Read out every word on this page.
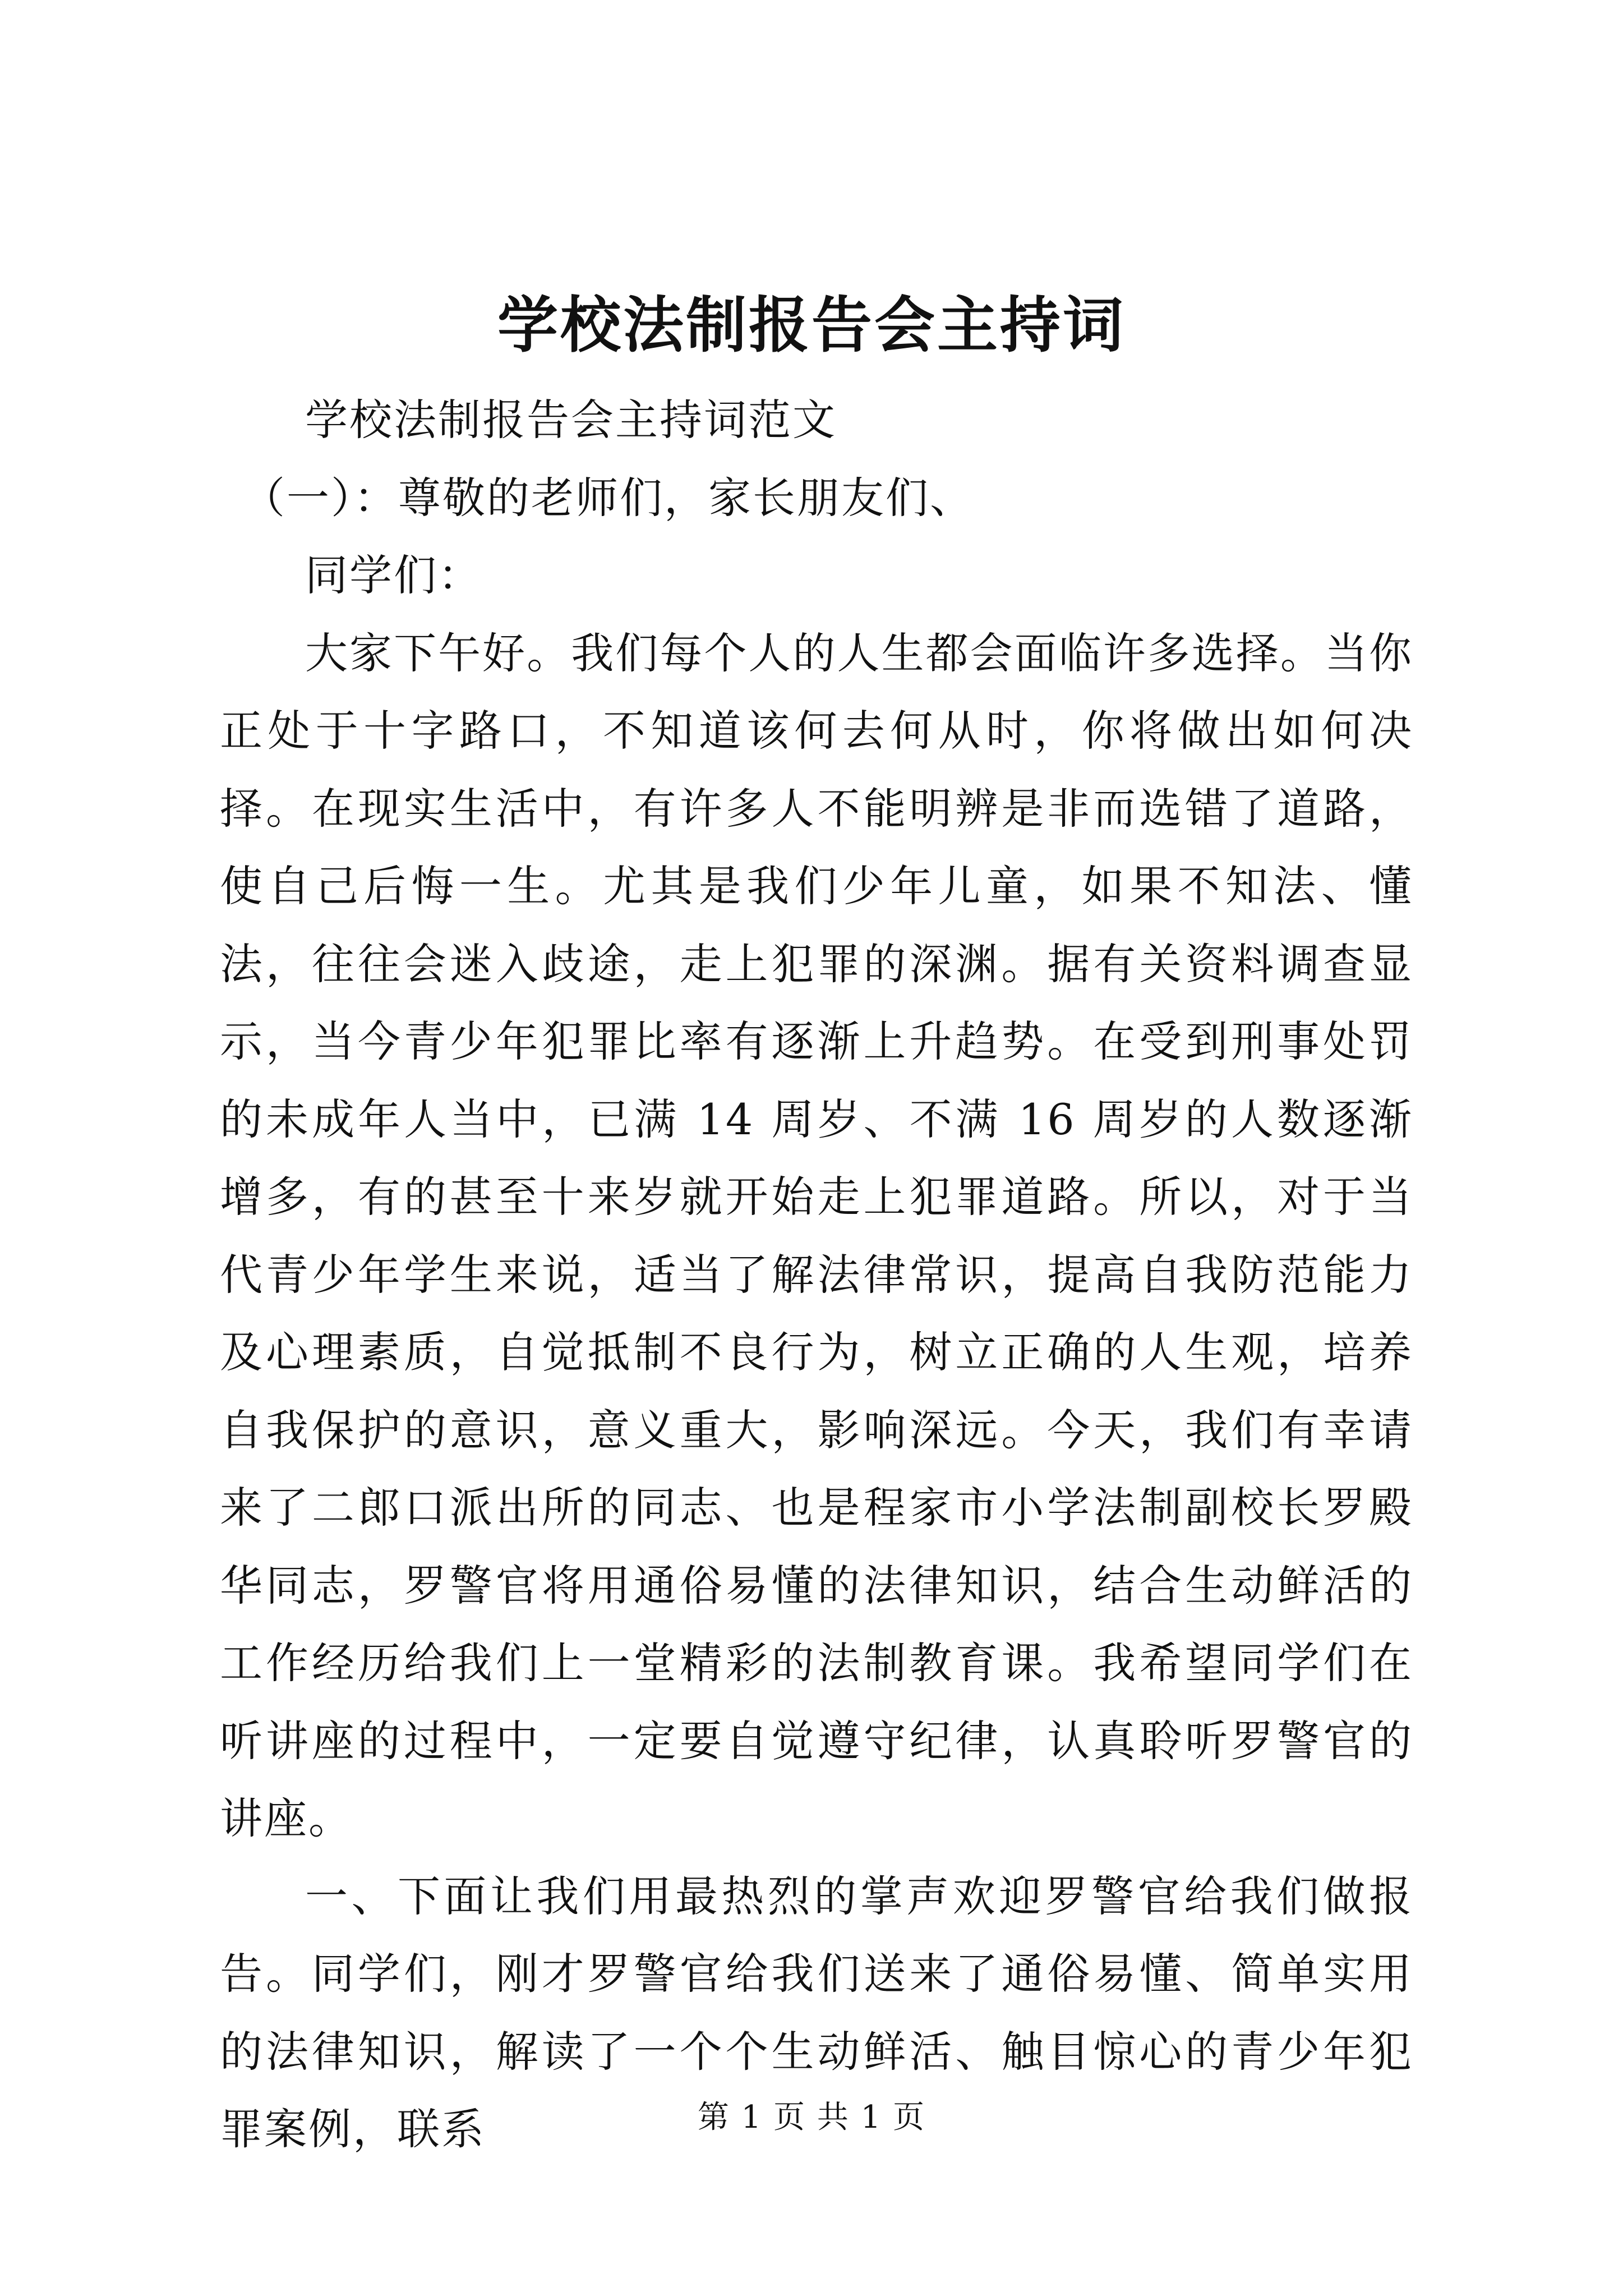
学校法制报告会主持词

学校法制报告会主持词范文

（一）：尊敬的老师们，家长朋友们、

同学们：

大家下午好。我们每个人的人生都会面临许多选择。当你正处于十字路口，不知道该何去何从时，你将做出如何决择。在现实生活中，有许多人不能明辨是非而选错了道路，使自己后悔一生。尤其是我们少年儿童，如果不知法、懂法，往往会迷入歧途，走上犯罪的深渊。据有关资料调查显示，当今青少年犯罪比率有逐渐上升趋势。在受到刑事处罚的未成年人当中，已满 14 周岁、不满 16 周岁的人数逐渐增多，有的甚至十来岁就开始走上犯罪道路。所以，对于当代青少年学生来说，适当了解法律常识，提高自我防范能力及心理素质，自觉抵制不良行为，树立正确的人生观，培养自我保护的意识，意义重大，影响深远。今天，我们有幸请来了二郎口派出所的同志、也是程家市小学法制副校长罗殿华同志，罗警官将用通俗易懂的法律知识，结合生动鲜活的工作经历给我们上一堂精彩的法制教育课。我希望同学们在听讲座的过程中，一定要自觉遵守纪律，认真聆听罗警官的讲座。

一、下面让我们用最热烈的掌声欢迎罗警官给我们做报告。同学们，刚才罗警官给我们送来了通俗易懂、简单实用的法律知识，解读了一个个生动鲜活、触目惊心的青少年犯罪案例，联系	第 1 页 共 1 页
